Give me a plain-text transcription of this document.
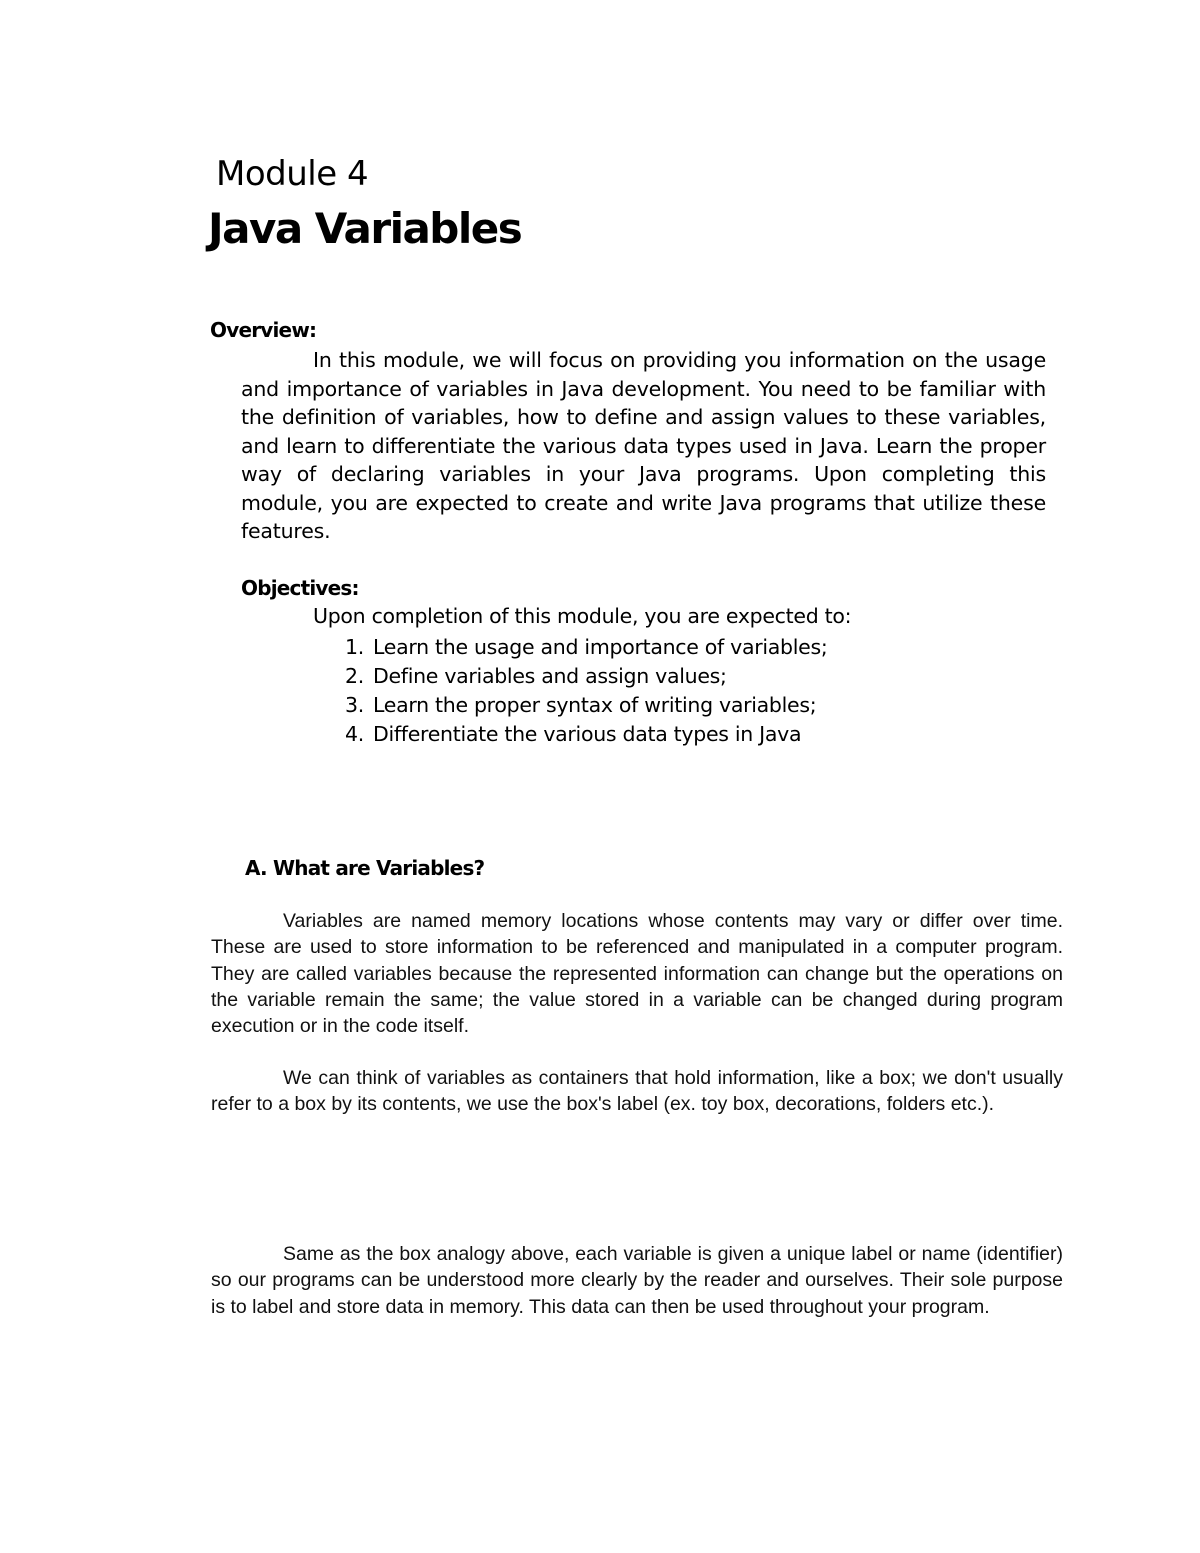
Module 4
Java Variables
Overview:

In this module, we will focus on providing you information on the usage and importance of variables in Java development. You need to be familiar with the definition of variables, how to define and assign values to these variables, and learn to differentiate the various data types used in Java. Learn the proper way of declaring variables in your Java programs. Upon completing this module, you are expected to create and write Java programs that utilize these features.

Objectives:
Upon completion of this module, you are expected to:
1. Learn the usage and importance of variables;
2. Define variables and assign values;
3. Learn the proper syntax of writing variables;
4. Differentiate the various data types in Java
A. What are Variables?

Variables are named memory locations whose contents may vary or differ over time. These are used to store information to be referenced and manipulated in a computer program. They are called variables because the represented information can change but the operations on the variable remain the same; the value stored in a variable can be changed during program execution or in the code itself.

We can think of variables as containers that hold information, like a box; we don't usually refer to a box by its contents, we use the box's label (ex. toy box, decorations, folders etc.).

Same as the box analogy above, each variable is given a unique label or name (identifier) so our programs can be understood more clearly by the reader and ourselves. Their sole purpose is to label and store data in memory. This data can then be used throughout your program.
